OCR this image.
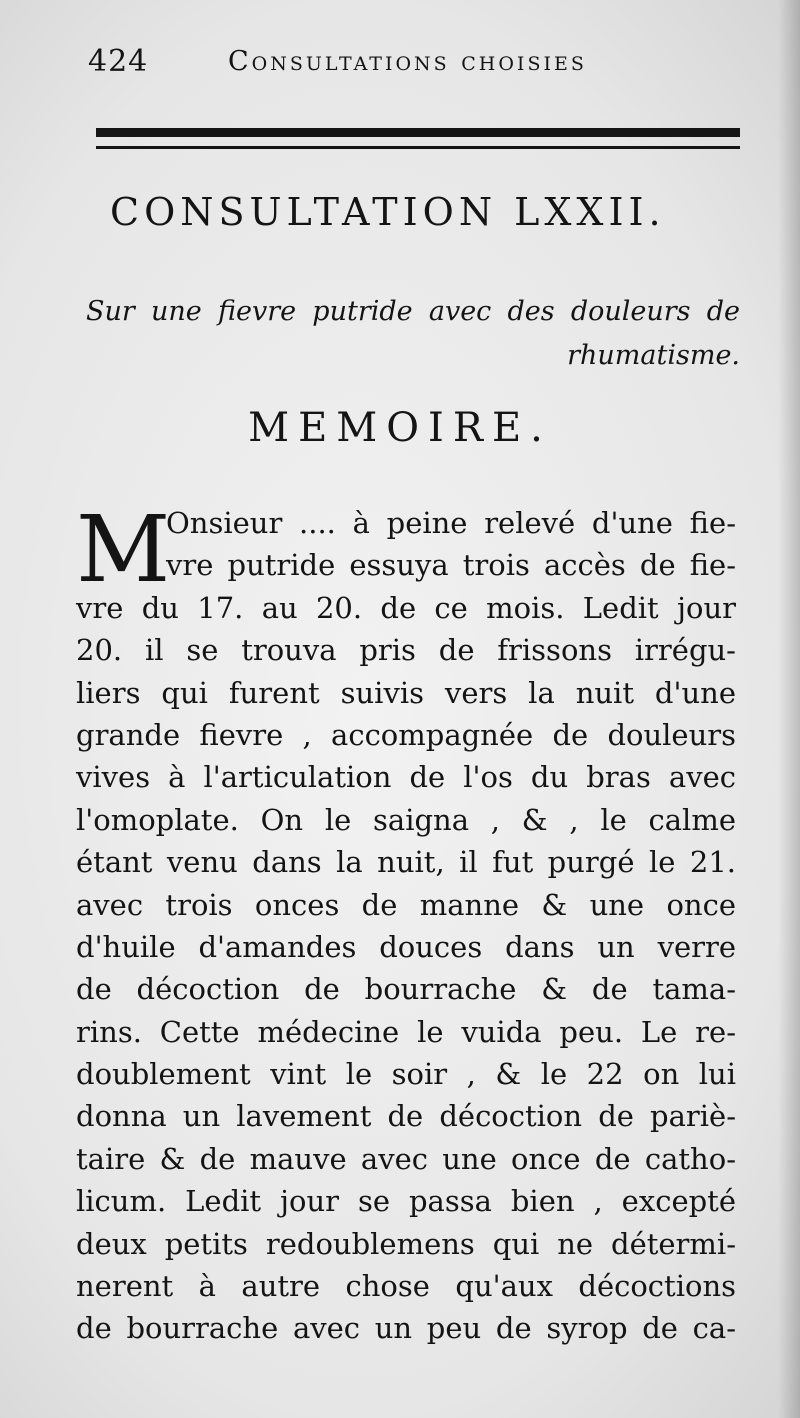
424	Consultations choisies
CONSULTATION LXXII.
Sur une fievre putride avec des douleurs de rhumatisme.
MEMOIRE.
M
Onsieur .... à peine relevé d'une fie-
vre putride essuya trois accès de fie-
vre du 17. au 20. de ce mois. Ledit jour
20. il se trouva pris de frissons irrégu-
liers qui furent suivis vers la nuit d'une
grande fievre , accompagnée de douleurs
vives à l'articulation de l'os du bras avec
l'omoplate. On le saigna , & , le calme
étant venu dans la nuit, il fut purgé le 21.
avec trois onces de manne & une once
d'huile d'amandes douces dans un verre
de décoction de bourrache & de tama-
rins. Cette médecine le vuida peu. Le re-
doublement vint le soir , & le 22 on lui
donna un lavement de décoction de pariè-
taire & de mauve avec une once de catho-
licum. Ledit jour se passa bien , excepté
deux petits redoublemens qui ne détermi-
nerent à autre chose qu'aux décoctions
de bourrache avec un peu de syrop de ca-
